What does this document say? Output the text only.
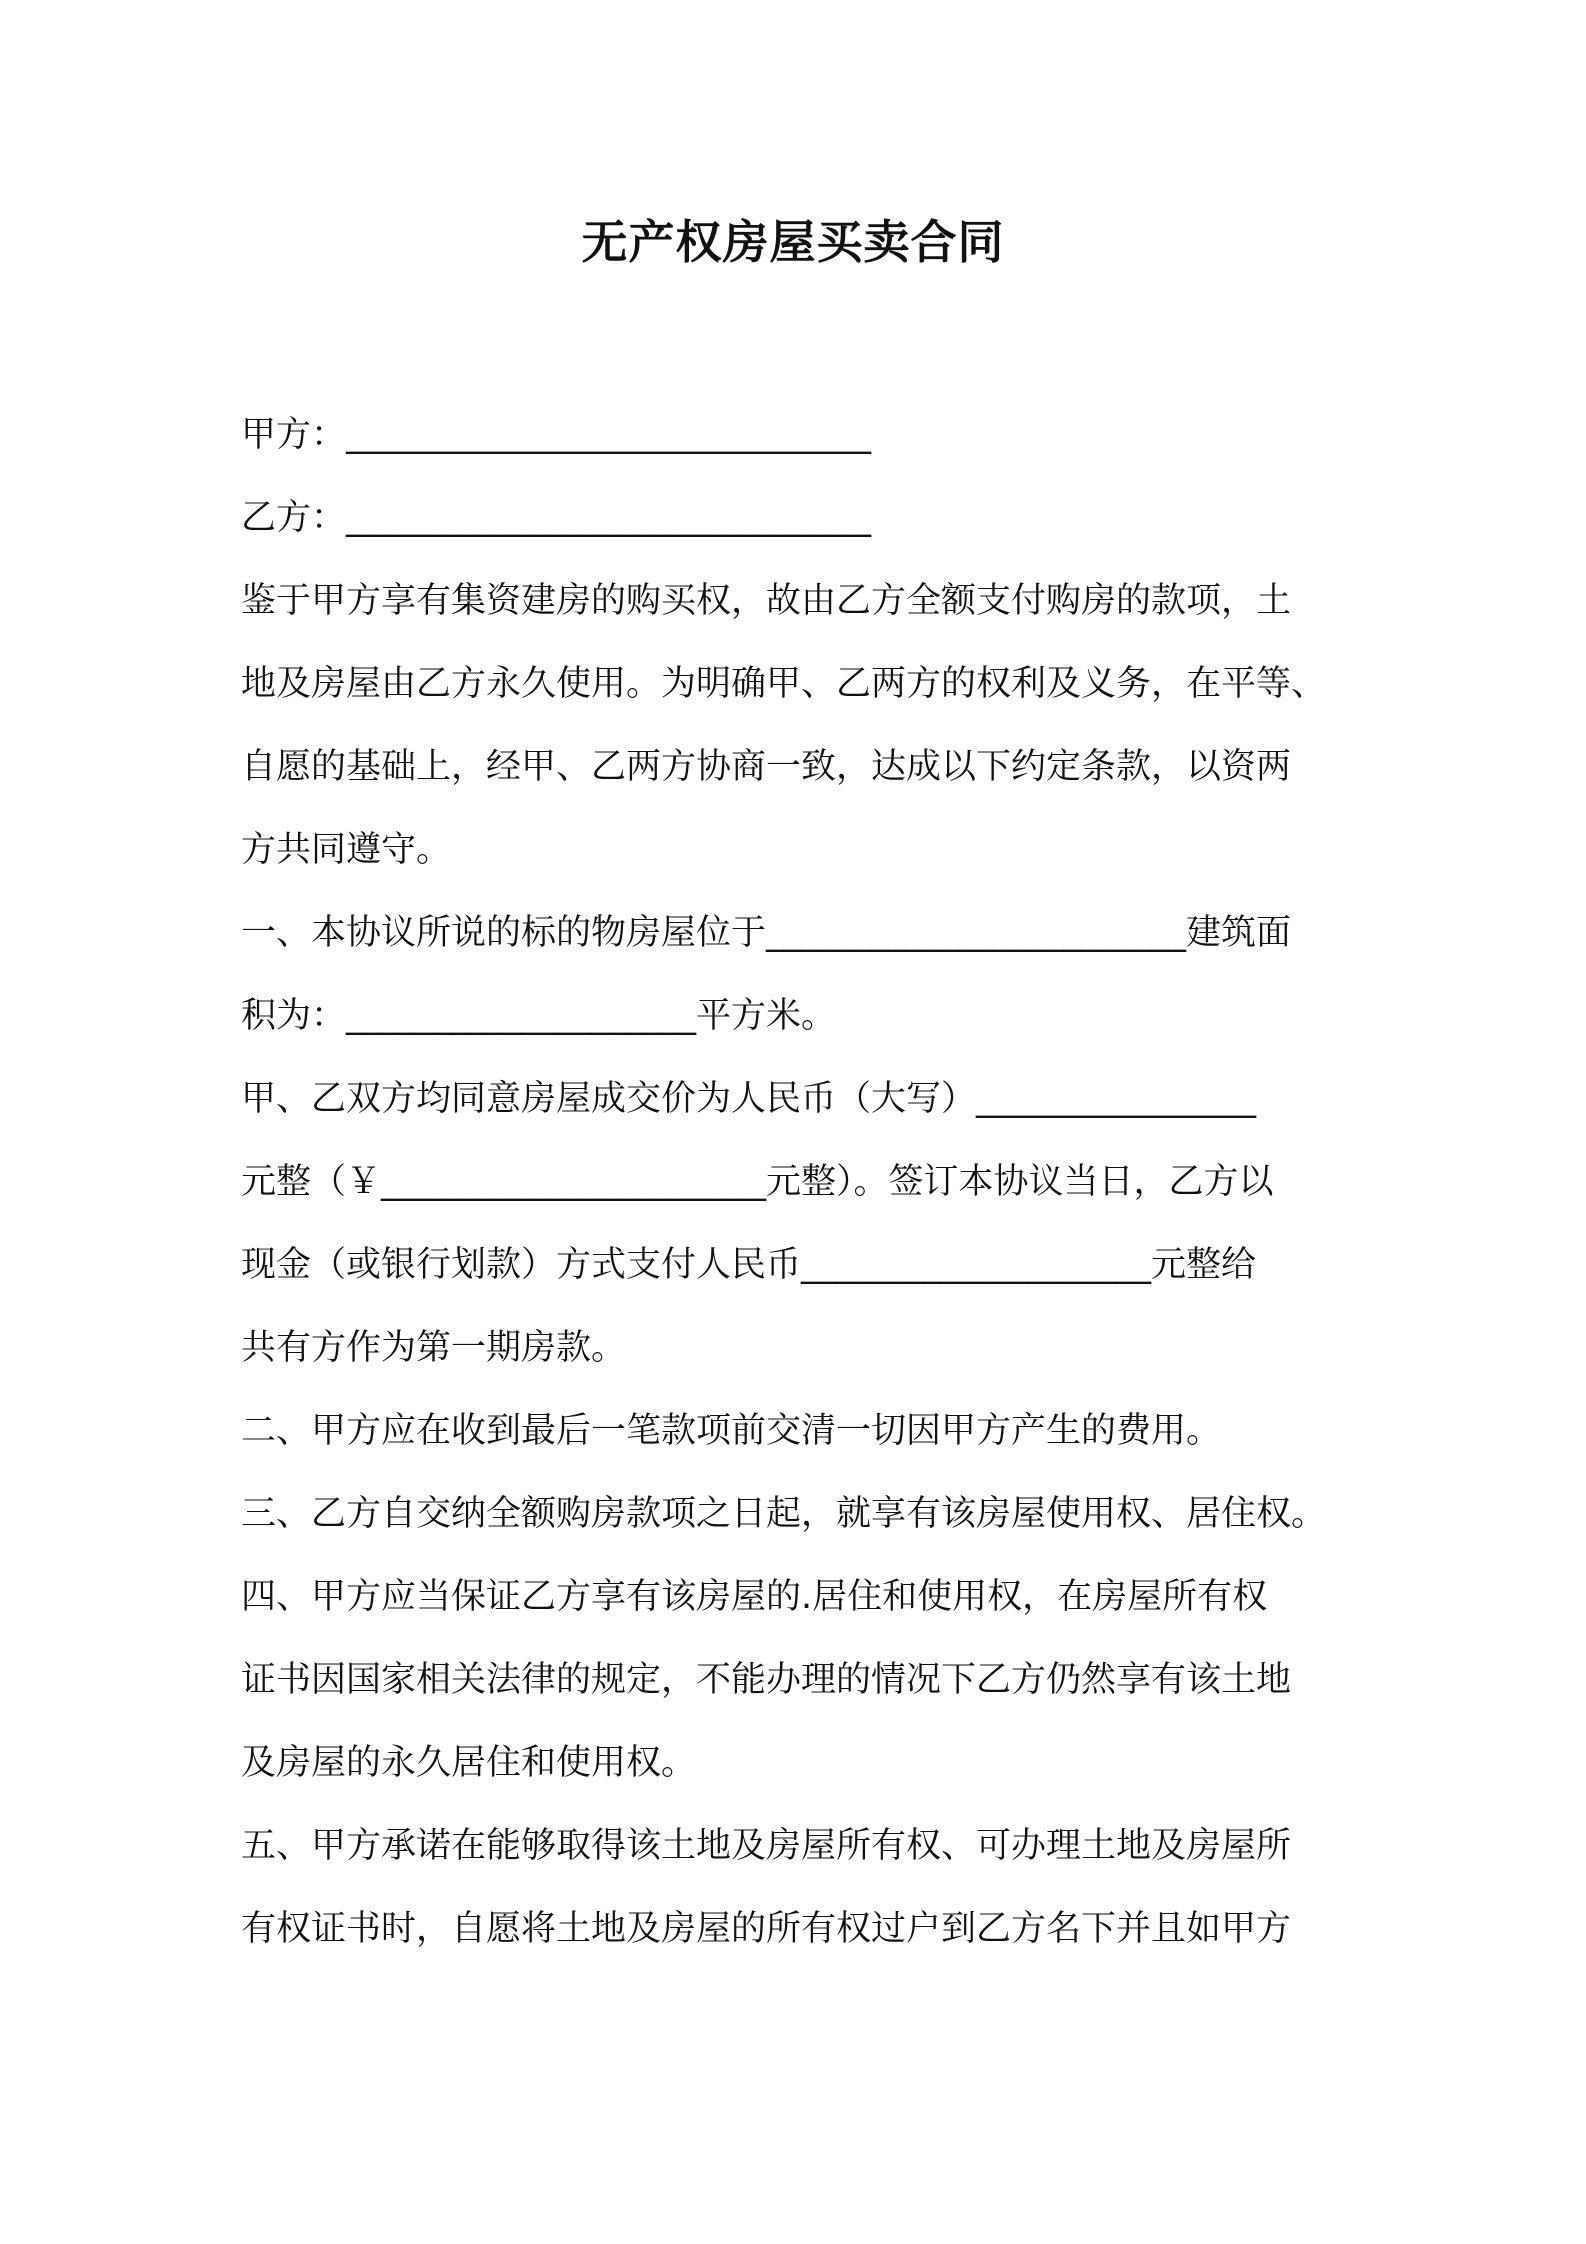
无产权房屋买卖合同
甲方：______________________________
乙方：______________________________
鉴于甲方享有集资建房的购买权，故由乙方全额支付购房的款项，土
地及房屋由乙方永久使用。为明确甲、乙两方的权利及义务，在平等、
自愿的基础上，经甲、乙两方协商一致，达成以下约定条款，以资两
方共同遵守。
一、本协议所说的标的物房屋位于________________________建筑面
积为：____________________平方米。
甲、乙双方均同意房屋成交价为人民币（大写）________________
元整（￥______________________元整）。签订本协议当日，乙方以
现金（或银行划款）方式支付人民币____________________元整给
共有方作为第一期房款。
二、甲方应在收到最后一笔款项前交清一切因甲方产生的费用。
三、乙方自交纳全额购房款项之日起，就享有该房屋使用权、居住权。
四、甲方应当保证乙方享有该房屋的.居住和使用权，在房屋所有权
证书因国家相关法律的规定，不能办理的情况下乙方仍然享有该土地
及房屋的永久居住和使用权。
五、甲方承诺在能够取得该土地及房屋所有权、可办理土地及房屋所
有权证书时，自愿将土地及房屋的所有权过户到乙方名下并且如甲方
